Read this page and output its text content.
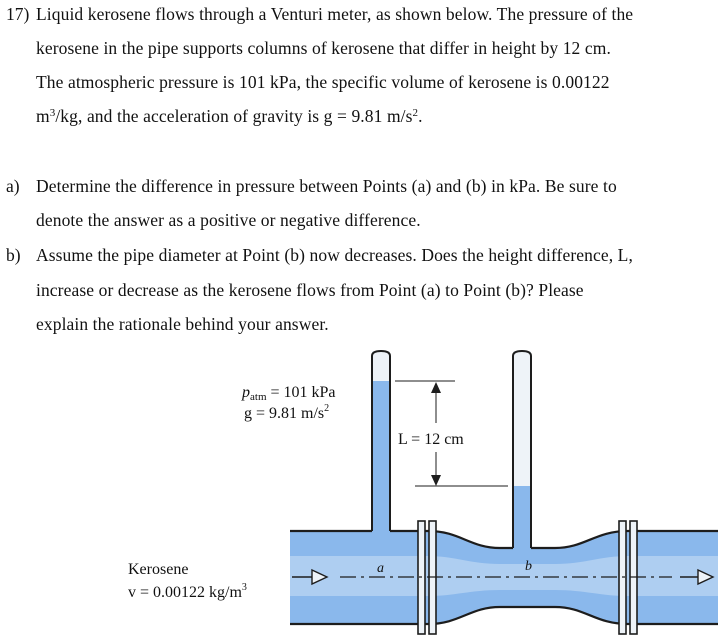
17) Liquid kerosene flows through a Venturi meter, as shown below. The pressure of the
kerosene in the pipe supports columns of kerosene that differ in height by 12 cm.
The atmospheric pressure is 101 kPa, the specific volume of kerosene is 0.00122
$m^3/kg$, and the acceleration of gravity is g = 9.81 $m/s^2$.
a) Determine the difference in pressure between Points (a) and (b) in kPa. Be sure to
denote the answer as a positive or negative difference.
b) Assume the pipe diameter at Point (b) now decreases. Does the height difference, L,
increase or decrease as the kerosene flows from Point (a) to Point (b)? Please
explain the rationale behind your answer.
a	b
patm = 101 kPa
g = 9.81 $m/s^2$
L = 12 cm
Kerosene
v = 0.00122 $kg/m^3$
